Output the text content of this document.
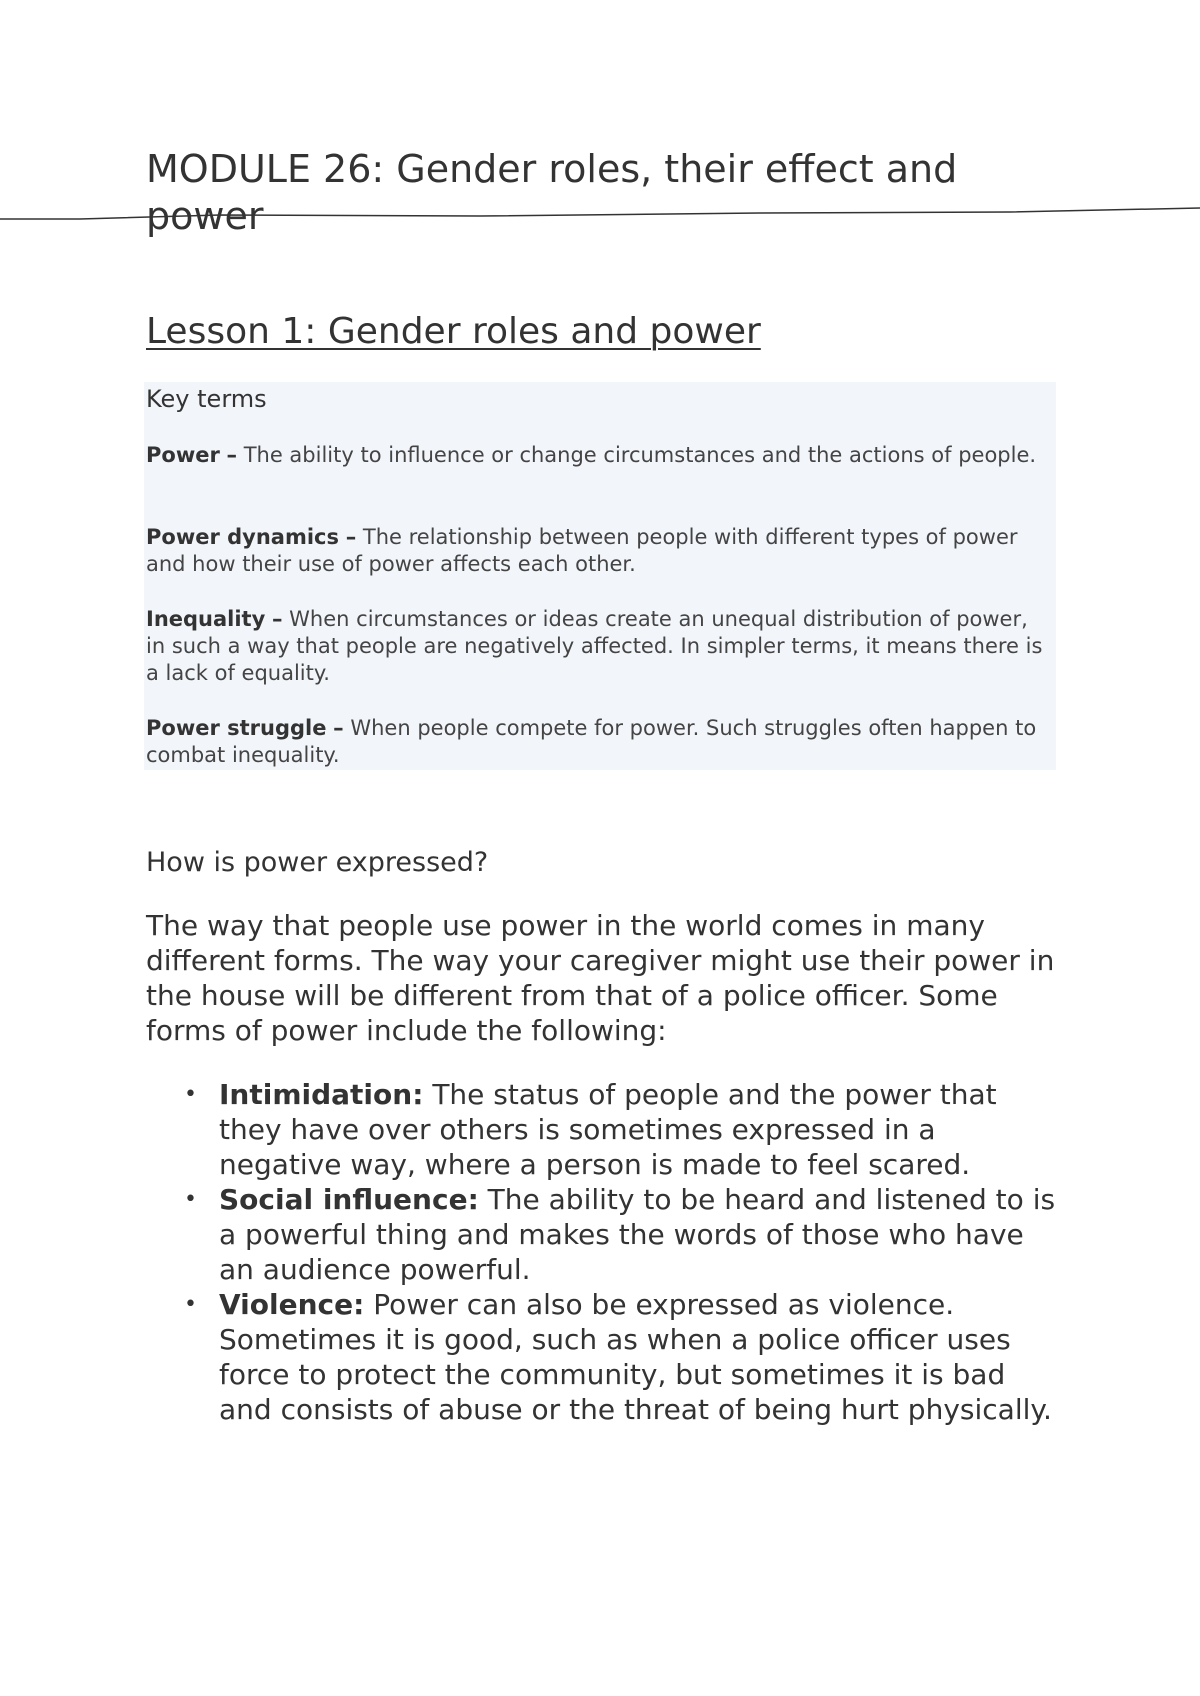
MODULE 26: Gender roles, their effect and power
Lesson 1: Gender roles and power
Key terms

Power – The ability to influence or change circumstances and the actions of people.

Power dynamics – The relationship between people with different types of power and how their use of power affects each other.

Inequality – When circumstances or ideas create an unequal distribution of power, in such a way that people are negatively affected. In simpler terms, it means there is a lack of equality.

Power struggle – When people compete for power. Such struggles often happen to combat inequality.

How is power expressed?

The way that people use power in the world comes in many different forms. The way your caregiver might use their power in the house will be different from that of a police officer. Some forms of power include the following:

• Intimidation: The status of people and the power that they have over others is sometimes expressed in a negative way, where a person is made to feel scared.
• Social influence: The ability to be heard and listened to is a powerful thing and makes the words of those who have an audience powerful.
• Violence: Power can also be expressed as violence. Sometimes it is good, such as when a police officer uses force to protect the community, but sometimes it is bad and consists of abuse or the threat of being hurt physically.
